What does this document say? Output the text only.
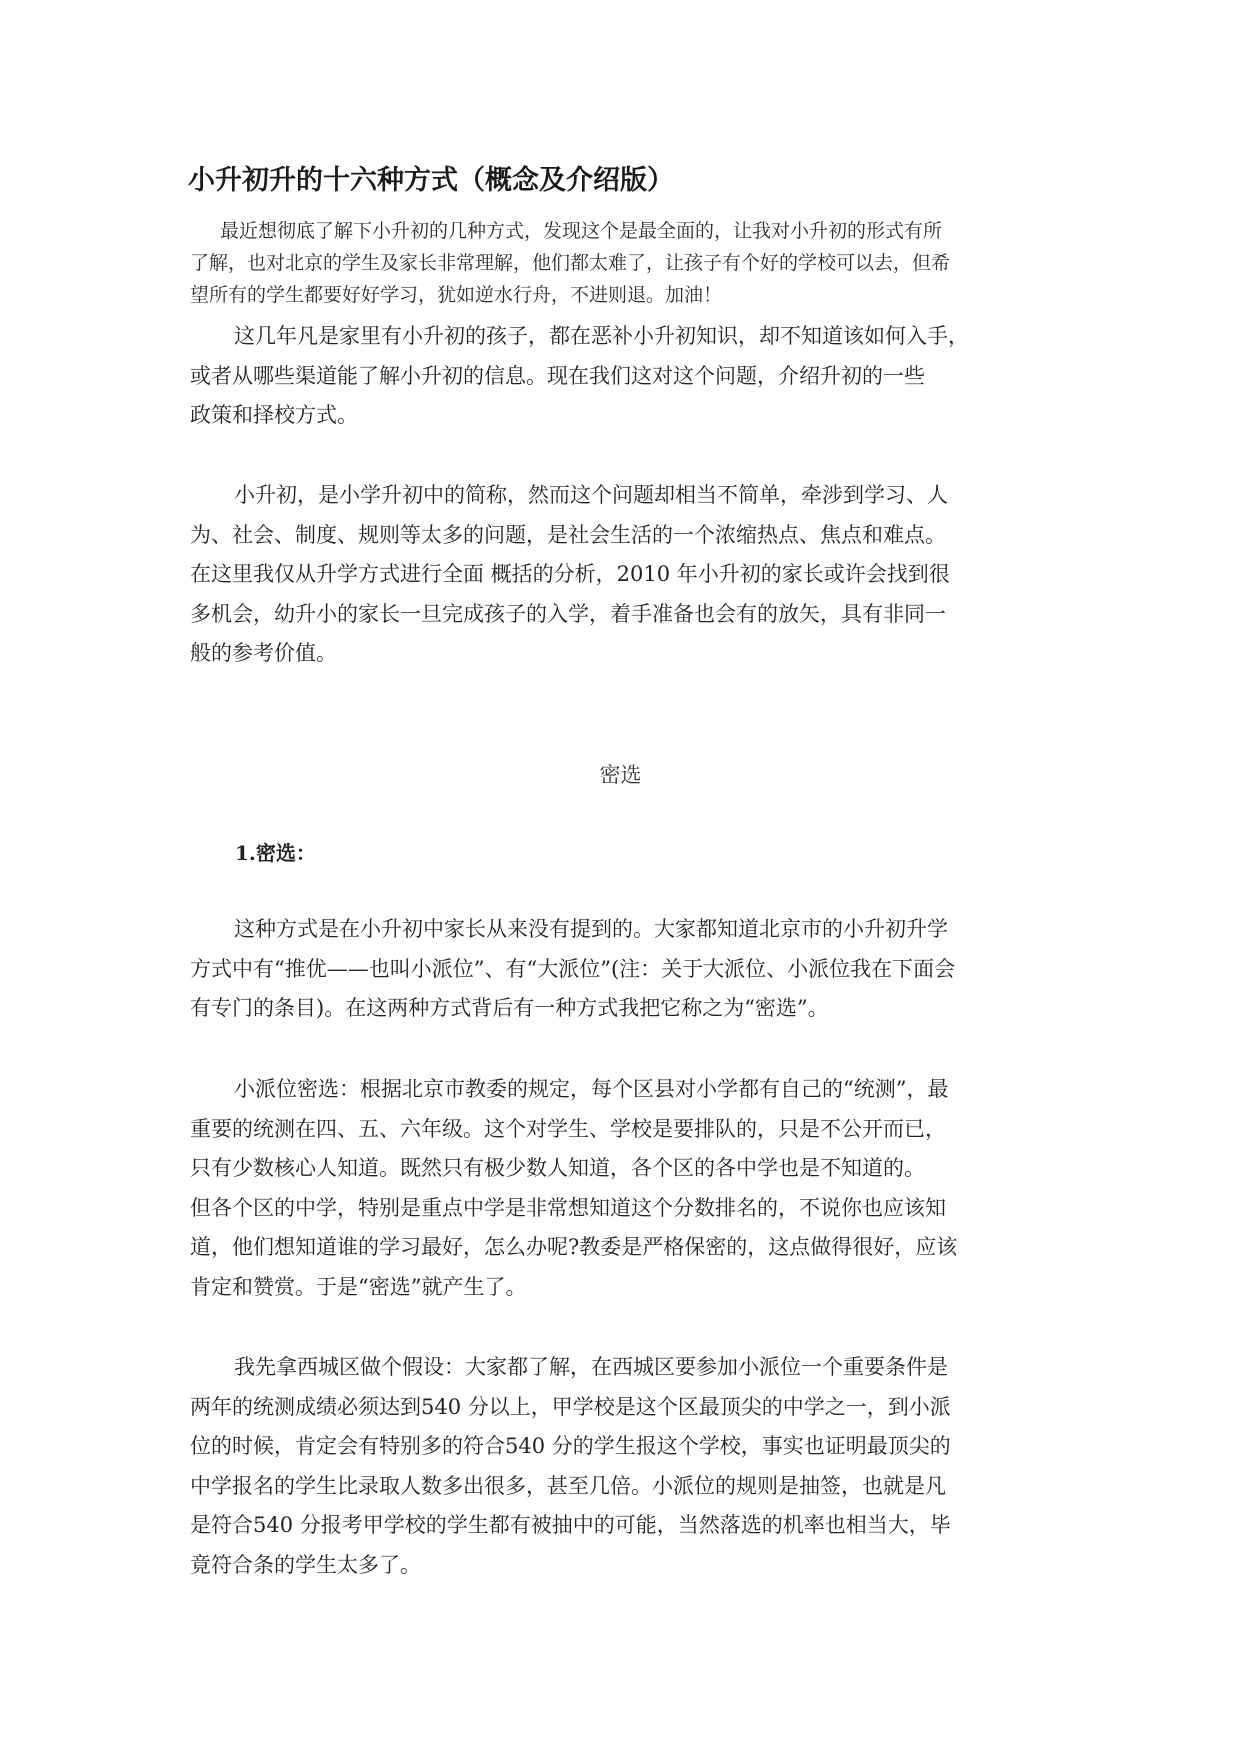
小升初升的十六种方式（概念及介绍版）
最近想彻底了解下小升初的几种方式，发现这个是最全面的，让我对小升初的形式有所
了解，也对北京的学生及家长非常理解，他们都太难了，让孩子有个好的学校可以去，但希
望所有的学生都要好好学习，犹如逆水行舟，不进则退。加油！
这几年凡是家里有小升初的孩子，都在恶补小升初知识，却不知道该如何入手，
或者从哪些渠道能了解小升初的信息。现在我们这对这个问题，介绍升初的一些
政策和择校方式。
小升初，是小学升初中的简称，然而这个问题却相当不简单，牵涉到学习、人
为、社会、制度、规则等太多的问题，是社会生活的一个浓缩热点、焦点和难点。
在这里我仅从升学方式进行全面 概括的分析，2010 年小升初的家长或许会找到很
多机会，幼升小的家长一旦完成孩子的入学，着手准备也会有的放矢，具有非同一
般的参考价值。
密选
1.密选：
这种方式是在小升初中家长从来没有提到的。大家都知道北京市的小升初升学
方式中有“推优——也叫小派位”、有“大派位”(注：关于大派位、小派位我在下面会
有专门的条目)。在这两种方式背后有一种方式我把它称之为“密选”。
小派位密选：根据北京市教委的规定，每个区县对小学都有自己的“统测”，最
重要的统测在四、五、六年级。这个对学生、学校是要排队的，只是不公开而已，
只有少数核心人知道。既然只有极少数人知道，各个区的各中学也是不知道的。
但各个区的中学，特别是重点中学是非常想知道这个分数排名的，不说你也应该知
道，他们想知道谁的学习最好，怎么办呢?教委是严格保密的，这点做得很好，应该
肯定和赞赏。于是“密选”就产生了。
我先拿西城区做个假设：大家都了解，在西城区要参加小派位一个重要条件是
两年的统测成绩必须达到540 分以上，甲学校是这个区最顶尖的中学之一，到小派
位的时候，肯定会有特别多的符合540 分的学生报这个学校，事实也证明最顶尖的
中学报名的学生比录取人数多出很多，甚至几倍。小派位的规则是抽签，也就是凡
是符合540 分报考甲学校的学生都有被抽中的可能，当然落选的机率也相当大，毕
竟符合条的学生太多了。
